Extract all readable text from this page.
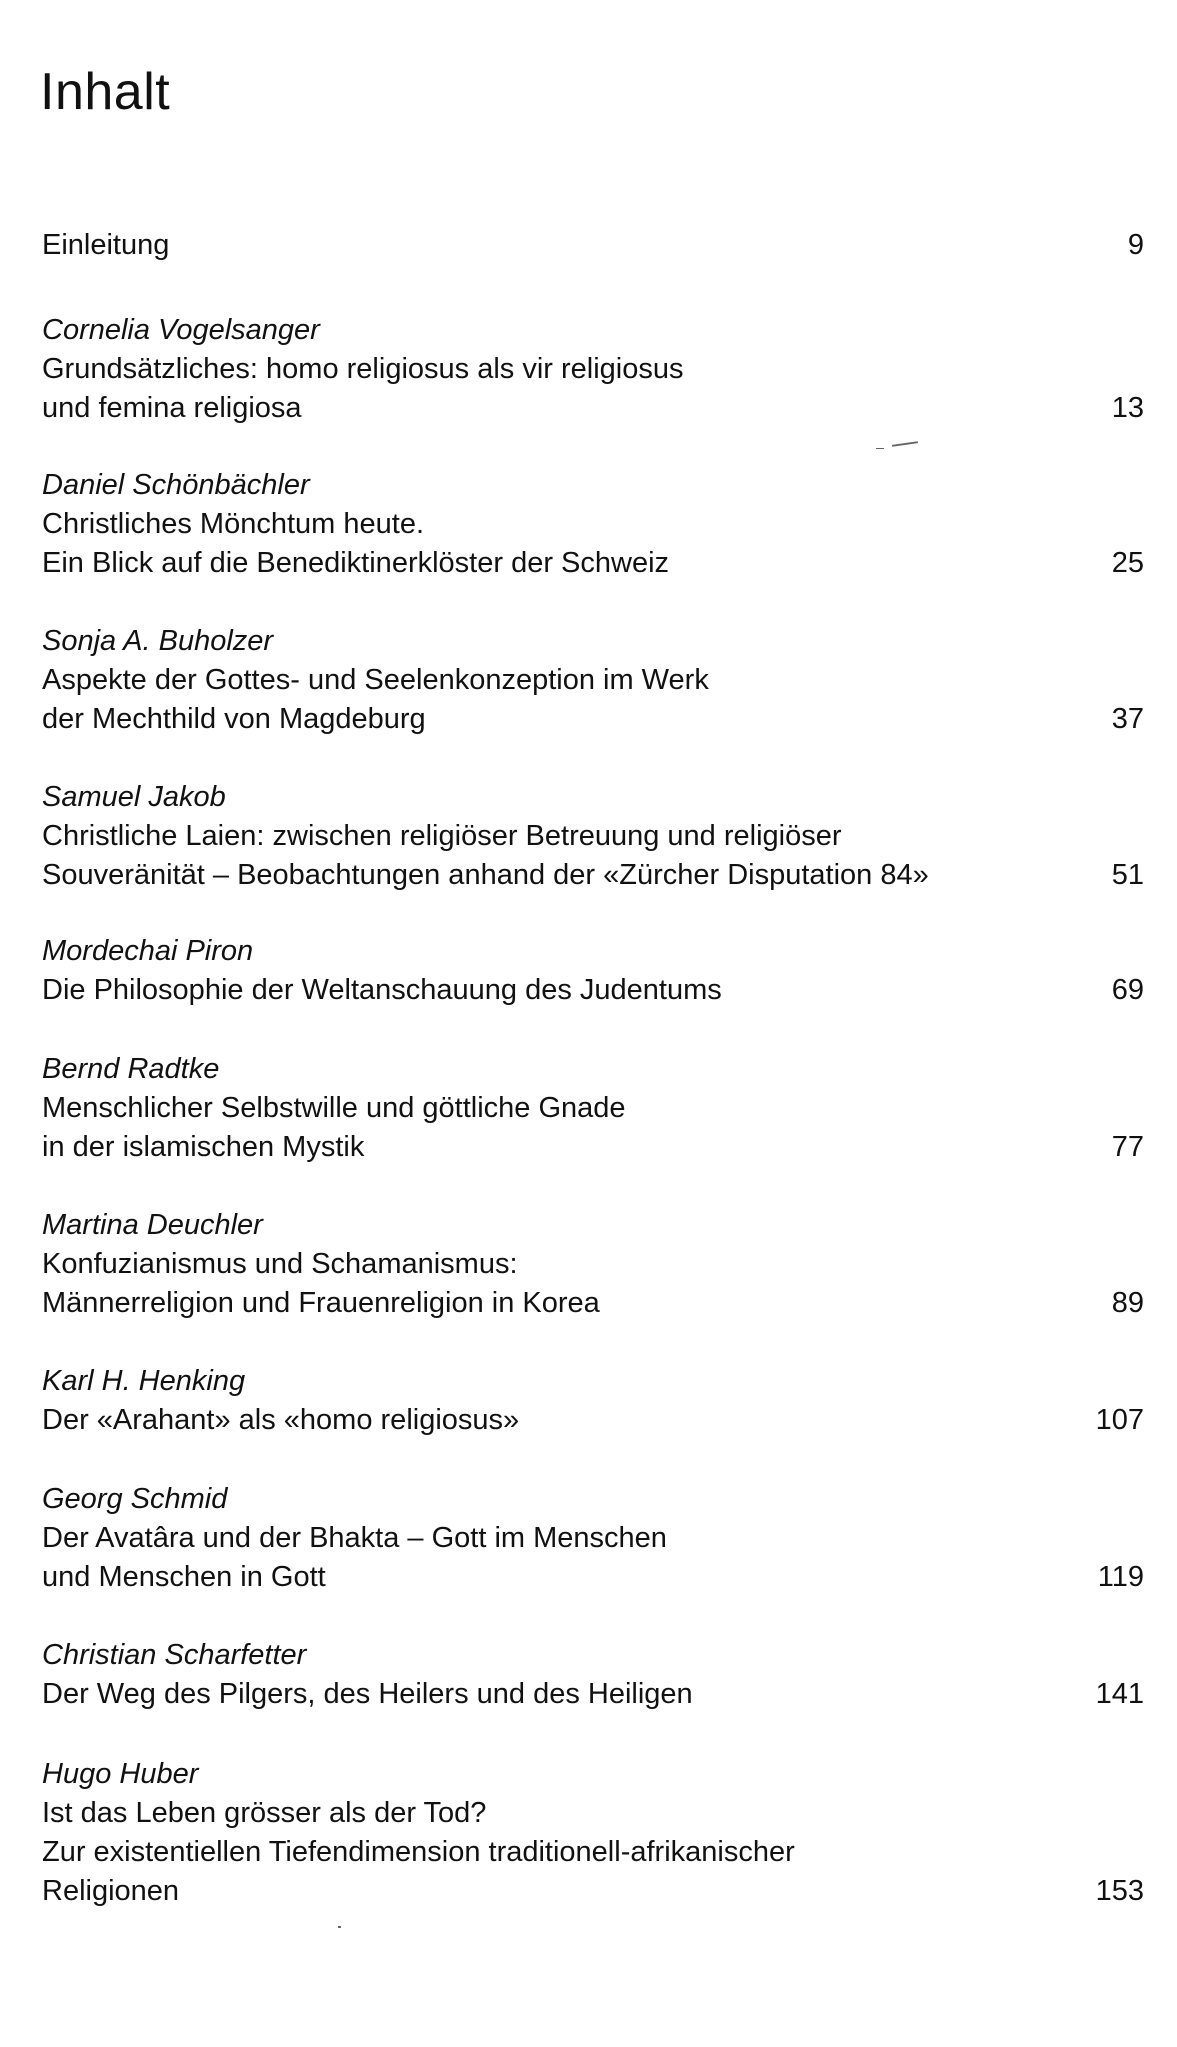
Inhalt
Einleitung	9
Cornelia Vogelsanger
Grundsätzliches: homo religiosus als vir religiosus
und femina religiosa	13
Daniel Schönbächler
Christliches Mönchtum heute.
Ein Blick auf die Benediktinerklöster der Schweiz	25
Sonja A. Buholzer
Aspekte der Gottes- und Seelenkonzeption im Werk
der Mechthild von Magdeburg	37
Samuel Jakob
Christliche Laien: zwischen religiöser Betreuung und religiöser
Souveränität – Beobachtungen anhand der «Zürcher Disputation 84»	51
Mordechai Piron
Die Philosophie der Weltanschauung des Judentums	69
Bernd Radtke
Menschlicher Selbstwille und göttliche Gnade
in der islamischen Mystik	77
Martina Deuchler
Konfuzianismus und Schamanismus:
Männerreligion und Frauenreligion in Korea	89
Karl H. Henking
Der «Arahant» als «homo religiosus»	107
Georg Schmid
Der Avatâra und der Bhakta – Gott im Menschen
und Menschen in Gott	119
Christian Scharfetter
Der Weg des Pilgers, des Heilers und des Heiligen	141
Hugo Huber
Ist das Leben grösser als der Tod?
Zur existentiellen Tiefendimension traditionell-afrikanischer
Religionen	153
